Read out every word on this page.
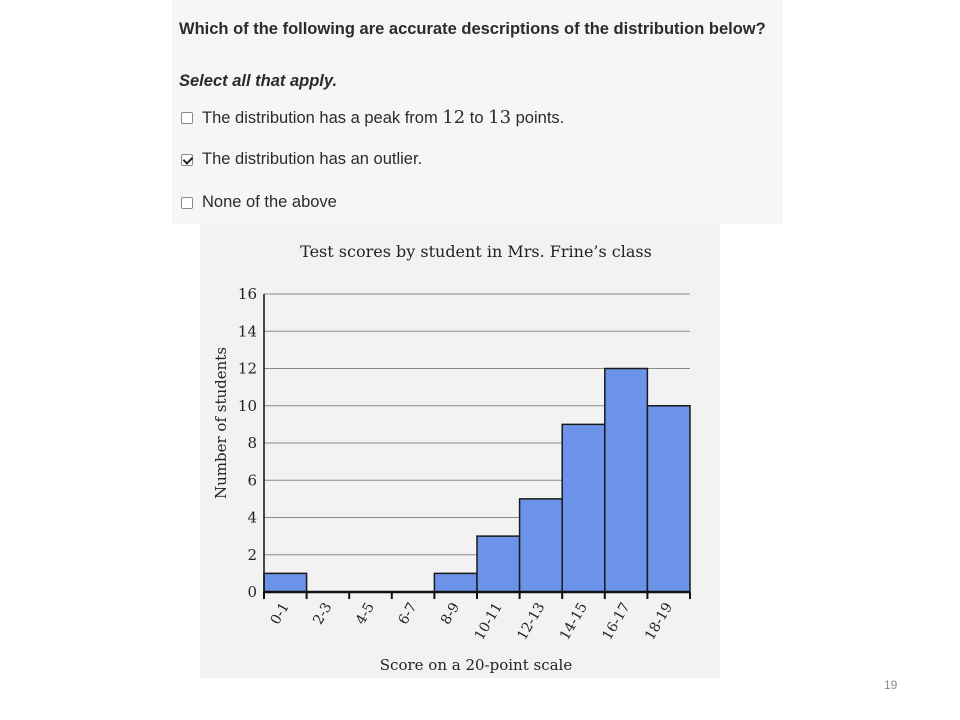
Which of the following are accurate descriptions of the distribution below?
Select all that apply.
The distribution has a peak from 12 to 13 points.
The distribution has an outlier.
None of the above
Test scores by student in Mrs. Frine’s class
0
2
4
6
8
10
12
14
16
0-1 2-3 4-5 6-7 8-9 10-11 12-13 14-15 16-17 18-19
Number of students
Score on a 20-point scale
19
